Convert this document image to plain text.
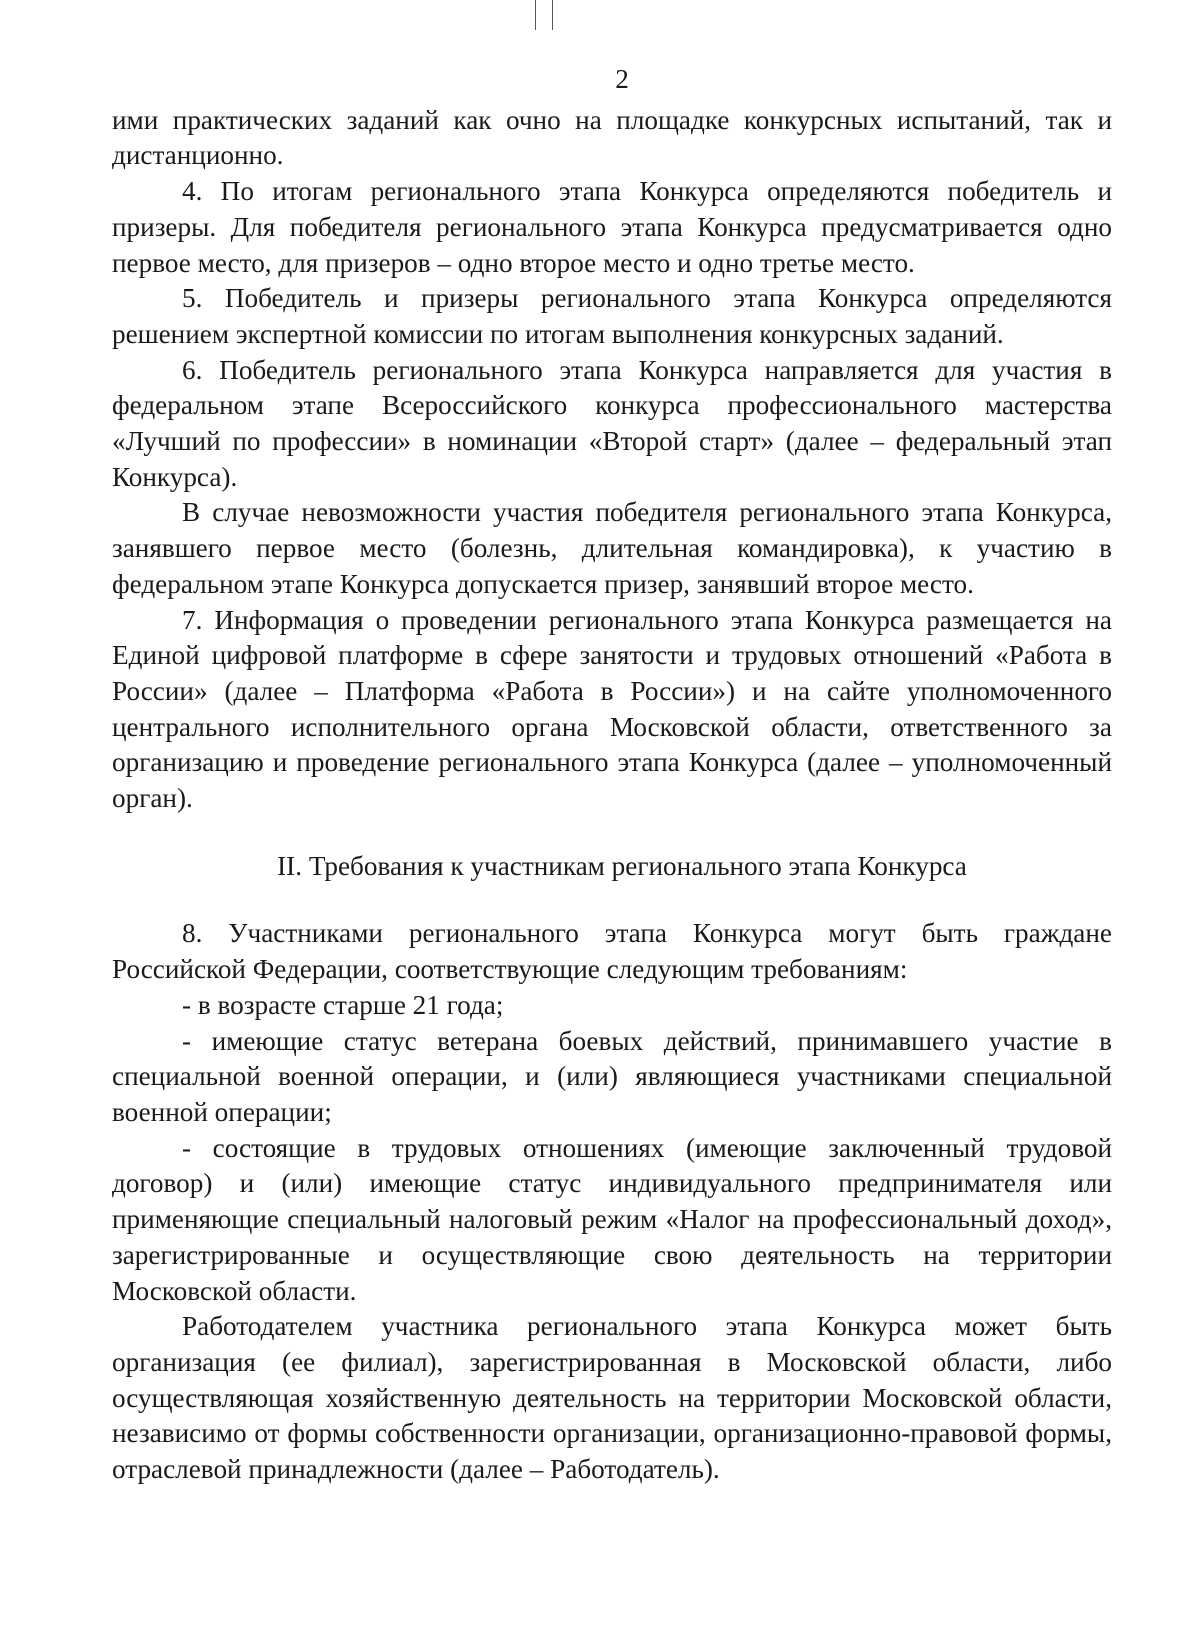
2

ими практических заданий как очно на площадке конкурсных испытаний, так и дистанционно.

4. По итогам регионального этапа Конкурса определяются победитель и призеры. Для победителя регионального этапа Конкурса предусматривается одно первое место, для призеров – одно второе место и одно третье место.

5. Победитель и призеры регионального этапа Конкурса определяются решением экспертной комиссии по итогам выполнения конкурсных заданий.

6. Победитель регионального этапа Конкурса направляется для участия в федеральном этапе Всероссийского конкурса профессионального мастерства «Лучший по профессии» в номинации «Второй старт» (далее – федеральный этап Конкурса).

В случае невозможности участия победителя регионального этапа Конкурса, занявшего первое место (болезнь, длительная командировка), к участию в федеральном этапе Конкурса допускается призер, занявший второе место.

7. Информация о проведении регионального этапа Конкурса размещается на Единой цифровой платформе в сфере занятости и трудовых отношений «Работа в России» (далее – Платформа «Работа в России») и на сайте уполномоченного центрального исполнительного органа Московской области, ответственного за организацию и проведение регионального этапа Конкурса (далее – уполномоченный орган).

II. Требования к участникам регионального этапа Конкурса

8. Участниками регионального этапа Конкурса могут быть граждане Российской Федерации, соответствующие следующим требованиям:

- в возрасте старше 21 года;

- имеющие статус ветерана боевых действий, принимавшего участие в специальной военной операции, и (или) являющиеся участниками специальной военной операции;

- состоящие в трудовых отношениях (имеющие заключенный трудовой договор) и (или) имеющие статус индивидуального предпринимателя или применяющие специальный налоговый режим «Налог на профессиональный доход», зарегистрированные и осуществляющие свою деятельность на территории Московской области.

Работодателем участника регионального этапа Конкурса может быть организация (ее филиал), зарегистрированная в Московской области, либо осуществляющая хозяйственную деятельность на территории Московской области, независимо от формы собственности организации, организационно-правовой формы, отраслевой принадлежности (далее – Работодатель).
